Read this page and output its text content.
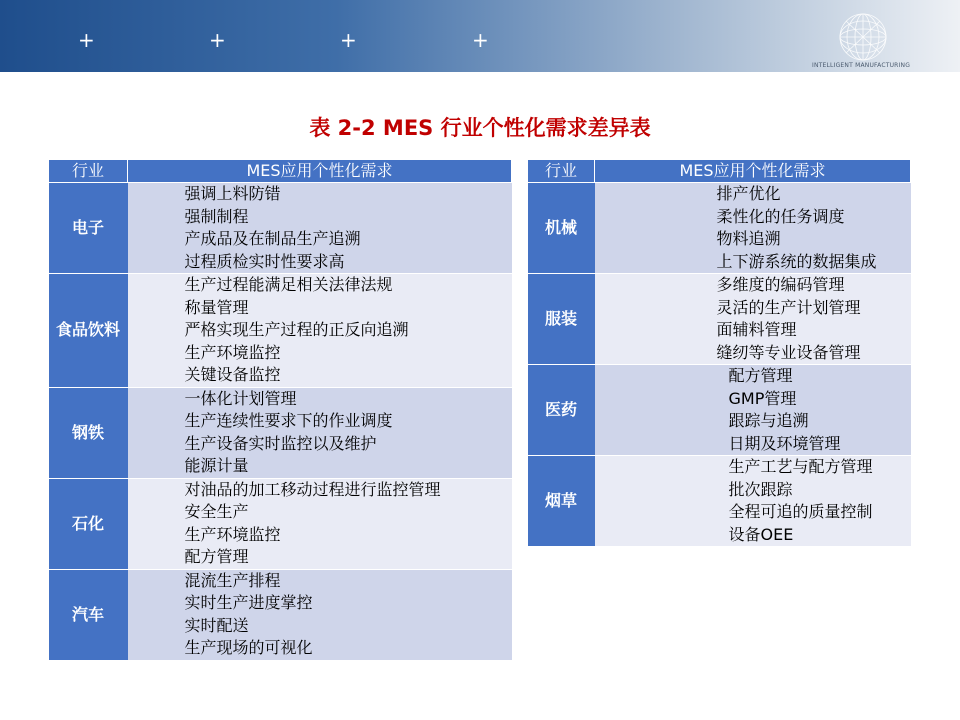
+	+	+	+
INTELLIGENT MANUFACTURING
表 2-2 MES 行业个性化需求差异表
行业	MES应用个性化需求
电子	强调上料防错
强制制程
产成品及在制品生产追溯
过程质检实时性要求高

食品饮料	生产过程能满足相关法律法规
称量管理
严格实现生产过程的正反向追溯
生产环境监控
关键设备监控

钢铁	一体化计划管理
生产连续性要求下的作业调度
生产设备实时监控以及维护
能源计量

石化	对油品的加工移动过程进行监控管理
安全生产
生产环境监控
配方管理

汽车	混流生产排程
实时生产进度掌控
实时配送
生产现场的可视化
行业	MES应用个性化需求
机械	排产优化
柔性化的任务调度
物料追溯
上下游系统的数据集成

服装	多维度的编码管理
灵活的生产计划管理
面辅料管理
缝纫等专业设备管理

医药	配方管理
GMP管理
跟踪与追溯
日期及环境管理

烟草	生产工艺与配方管理
批次跟踪
全程可追的质量控制
设备OEE
